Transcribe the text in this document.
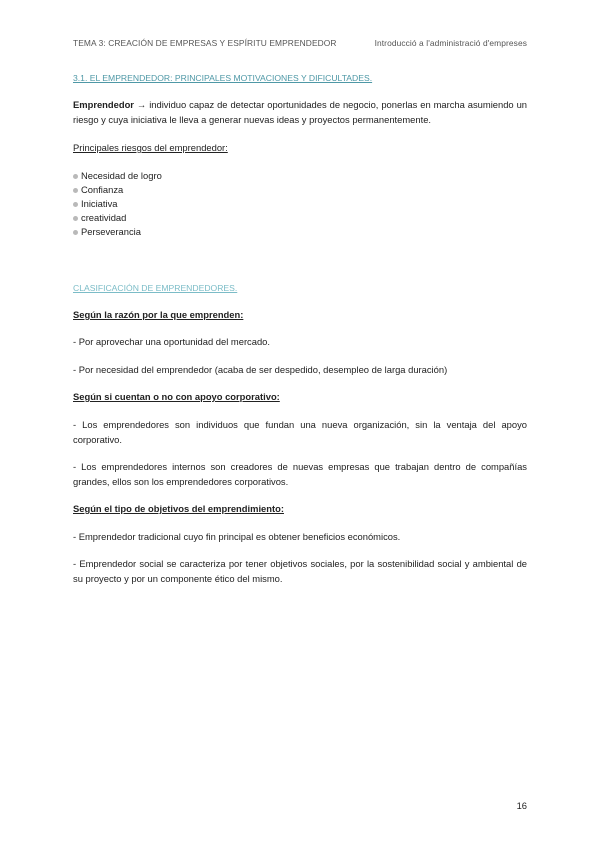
TEMA 3: CREACIÓN DE EMPRESAS Y ESPÍRITU EMPRENDEDOR	Introducció a l'administració d'empreses
3.1. EL EMPRENDEDOR: PRINCIPALES MOTIVACIONES Y DIFICULTADES.
Emprendedor → individuo capaz de detectar oportunidades de negocio, ponerlas en marcha asumiendo un riesgo y cuya iniciativa le lleva a generar nuevas ideas y proyectos permanentemente.
Principales riesgos del emprendedor:
Necesidad de logro
Confianza
Iniciativa
creatividad
Perseverancia
CLASIFICACIÓN DE EMPRENDEDORES.
Según la razón por la que emprenden:
- Por aprovechar una oportunidad del mercado.
- Por necesidad del emprendedor (acaba de ser despedido, desempleo de larga duración)
Según si cuentan o no con apoyo corporativo:
- Los emprendedores son individuos que fundan una nueva organización, sin la ventaja del apoyo corporativo.
- Los emprendedores internos son creadores de nuevas empresas que trabajan dentro de compañías grandes, ellos son los emprendedores corporativos.
Según el tipo de objetivos del emprendimiento:
- Emprendedor tradicional cuyo fin principal es obtener beneficios económicos.
- Emprendedor social se caracteriza por tener objetivos sociales, por la sostenibilidad social y ambiental de su proyecto y por un componente ético del mismo.
16
